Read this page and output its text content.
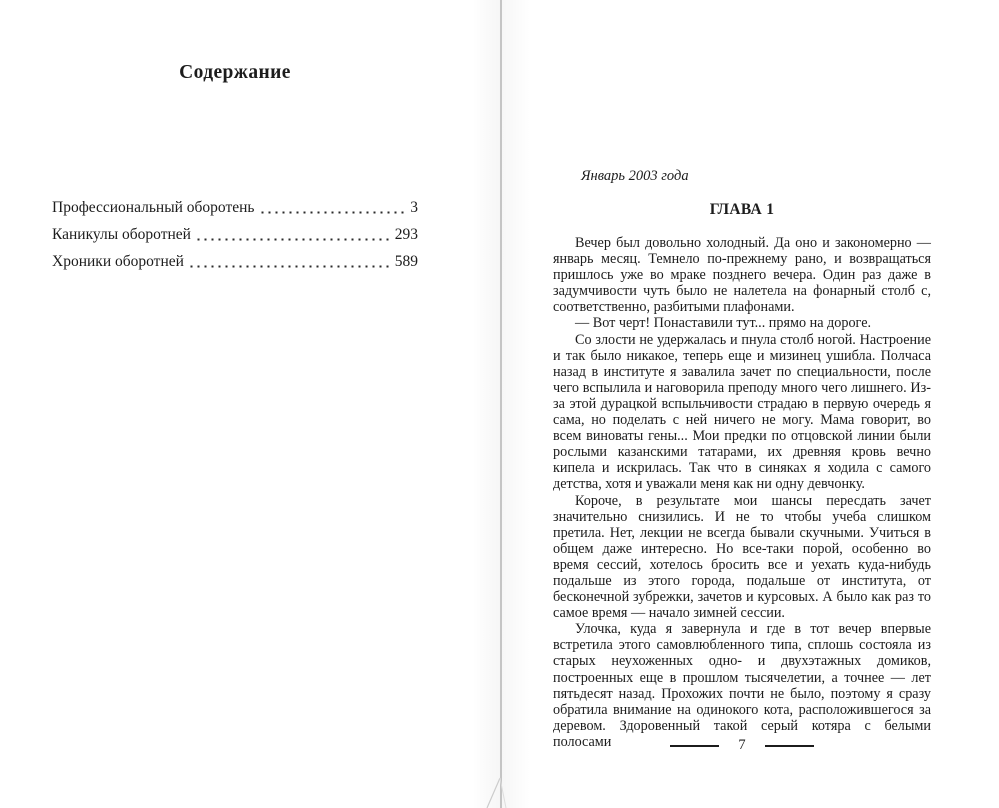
Содержание
Профессиональный оборотень	3
Каникулы оборотней	293
Хроники оборотней	589

Январь 2003 года

ГЛАВА 1

Вечер был довольно холодный. Да оно и закономерно — январь месяц. Темнело по-прежнему рано, и возвращаться пришлось уже во мраке позднего вечера. Один раз даже в задумчивости чуть было не налетела на фонарный столб с, соответственно, разбитыми плафонами.

— Вот черт! Понаставили тут... прямо на дороге.

Со злости не удержалась и пнула столб ногой. Настроение и так было никакое, теперь еще и мизинец ушибла. Полчаса назад в институте я завалила зачет по специальности, после чего вспылила и наговорила преподу много чего лишнего. Из-за этой дурацкой вспыльчивости страдаю в первую очередь я сама, но поделать с ней ничего не могу. Мама говорит, во всем виноваты гены... Мои предки по отцовской линии были рослыми казанскими татарами, их древняя кровь вечно кипела и искрилась. Так что в синяках я ходила с самого детства, хотя и уважали меня как ни одну девчонку.

Короче, в результате мои шансы пересдать зачет значительно снизились. И не то чтобы учеба слишком претила. Нет, лекции не всегда бывали скучными. Учиться в общем даже интересно. Но все-таки порой, особенно во время сессий, хотелось бросить все и уехать куда-нибудь подальше из этого города, подальше от института, от бесконечной зубрежки, зачетов и курсовых. А было как раз то самое время — начало зимней сессии.

Улочка, куда я завернула и где в тот вечер впервые встретила этого самовлюбленного типа, сплошь состояла из старых неухоженных одно- и двухэтажных домиков, построенных еще в прошлом тысячелетии, а точнее — лет пятьдесят назад. Прохожих почти не было, поэтому я сразу обратила внимание на одинокого кота, расположившегося за деревом. Здоровенный такой серый котяра с белыми полосами	7
